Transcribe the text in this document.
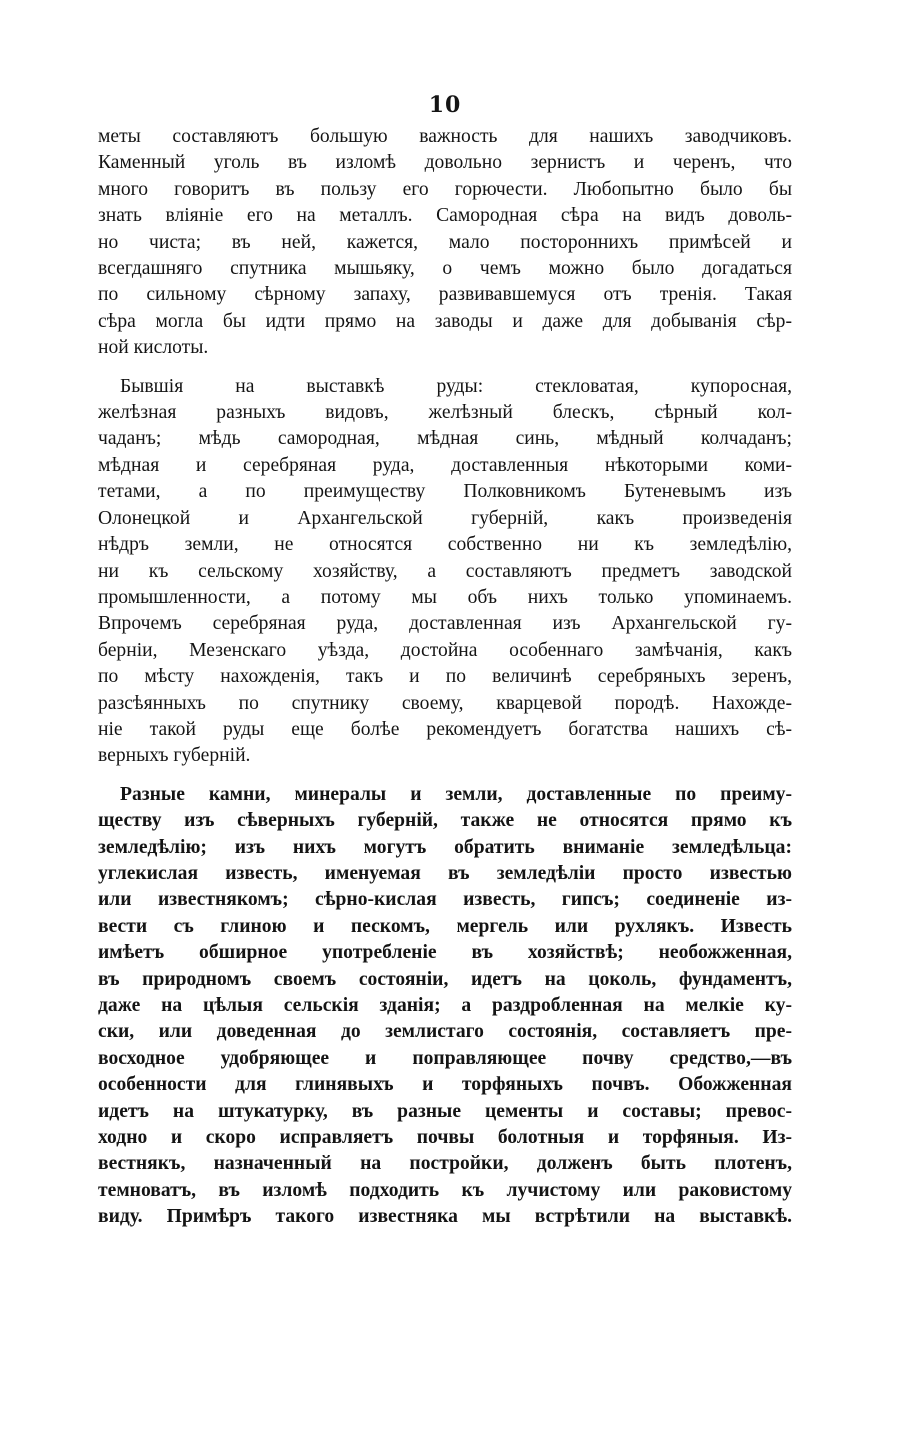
10
меты составляютъ большую важность для нашихъ заводчиковъ.
Каменный уголь въ изломѣ довольно зернистъ и черенъ, что
много говоритъ въ пользу его горючести. Любопытно было бы
знать вліяніе его на металлъ. Самородная сѣра на видъ доволь-
но чиста; въ ней, кажется, мало постороннихъ примѣсей и
всегдашняго спутника мышьяку, о чемъ можно было догадаться
по сильному сѣрному запаху, развивавшемуся отъ тренія. Такая
сѣра могла бы идти прямо на заводы и даже для добыванія сѣр-
ной кислоты.
Бывшія на выставкѣ руды: стекловатая, купоросная,
желѣзная разныхъ видовъ, желѣзный блескъ, сѣрный кол-
чаданъ; мѣдь самородная, мѣдная синь, мѣдный колчаданъ;
мѣдная и серебряная руда, доставленныя нѣкоторыми коми-
тетами, а по преимуществу Полковникомъ Бутеневымъ изъ
Олонецкой и Архангельской губерній, какъ произведенія
нѣдръ земли, не относятся собственно ни къ земледѣлію,
ни къ сельскому хозяйству, а составляютъ предметъ заводской
промышленности, а потому мы объ нихъ только упоминаемъ.
Впрочемъ серебряная руда, доставленная изъ Архангельской гу-
берніи, Мезенскаго уѣзда, достойна особеннаго замѣчанія, какъ
по мѣсту нахожденія, такъ и по величинѣ серебряныхъ зеренъ,
разсѣянныхъ по спутнику своему, кварцевой породѣ. Нахожде-
ніе такой руды еще болѣе рекомендуетъ богатства нашихъ сѣ-
верныхъ губерній.
Разные камни, минералы и земли, доставленные по преиму-
ществу изъ сѣверныхъ губерній, также не относятся прямо къ
земледѣлію; изъ нихъ могутъ обратить вниманіе земледѣльца:
углекислая известь, именуемая въ земледѣліи просто известью
или известнякомъ; сѣрно-кислая известь, гипсъ; соединеніе из-
вести съ глиною и пескомъ, мергель или рухлякъ. Известь
имѣетъ обширное употребленіе въ хозяйствѣ; необожженная,
въ природномъ своемъ состояніи, идетъ на цоколь, фундаментъ,
даже на цѣлыя сельскія зданія; а раздробленная на мелкіе ку-
ски, или доведенная до землистаго состоянія, составляетъ пре-
восходное удобряющее и поправляющее почву средство,—въ
особенности для глинявыхъ и торфяныхъ почвъ. Обожженная
идетъ на штукатурку, въ разные цементы и составы; превос-
ходно и скоро исправляетъ почвы болотныя и торфяныя. Из-
вестнякъ, назначенный на постройки, долженъ быть плотенъ,
темноватъ, въ изломѣ подходить къ лучистому или раковистому
виду. Примѣръ такого известняка мы встрѣтили на выставкѣ.
